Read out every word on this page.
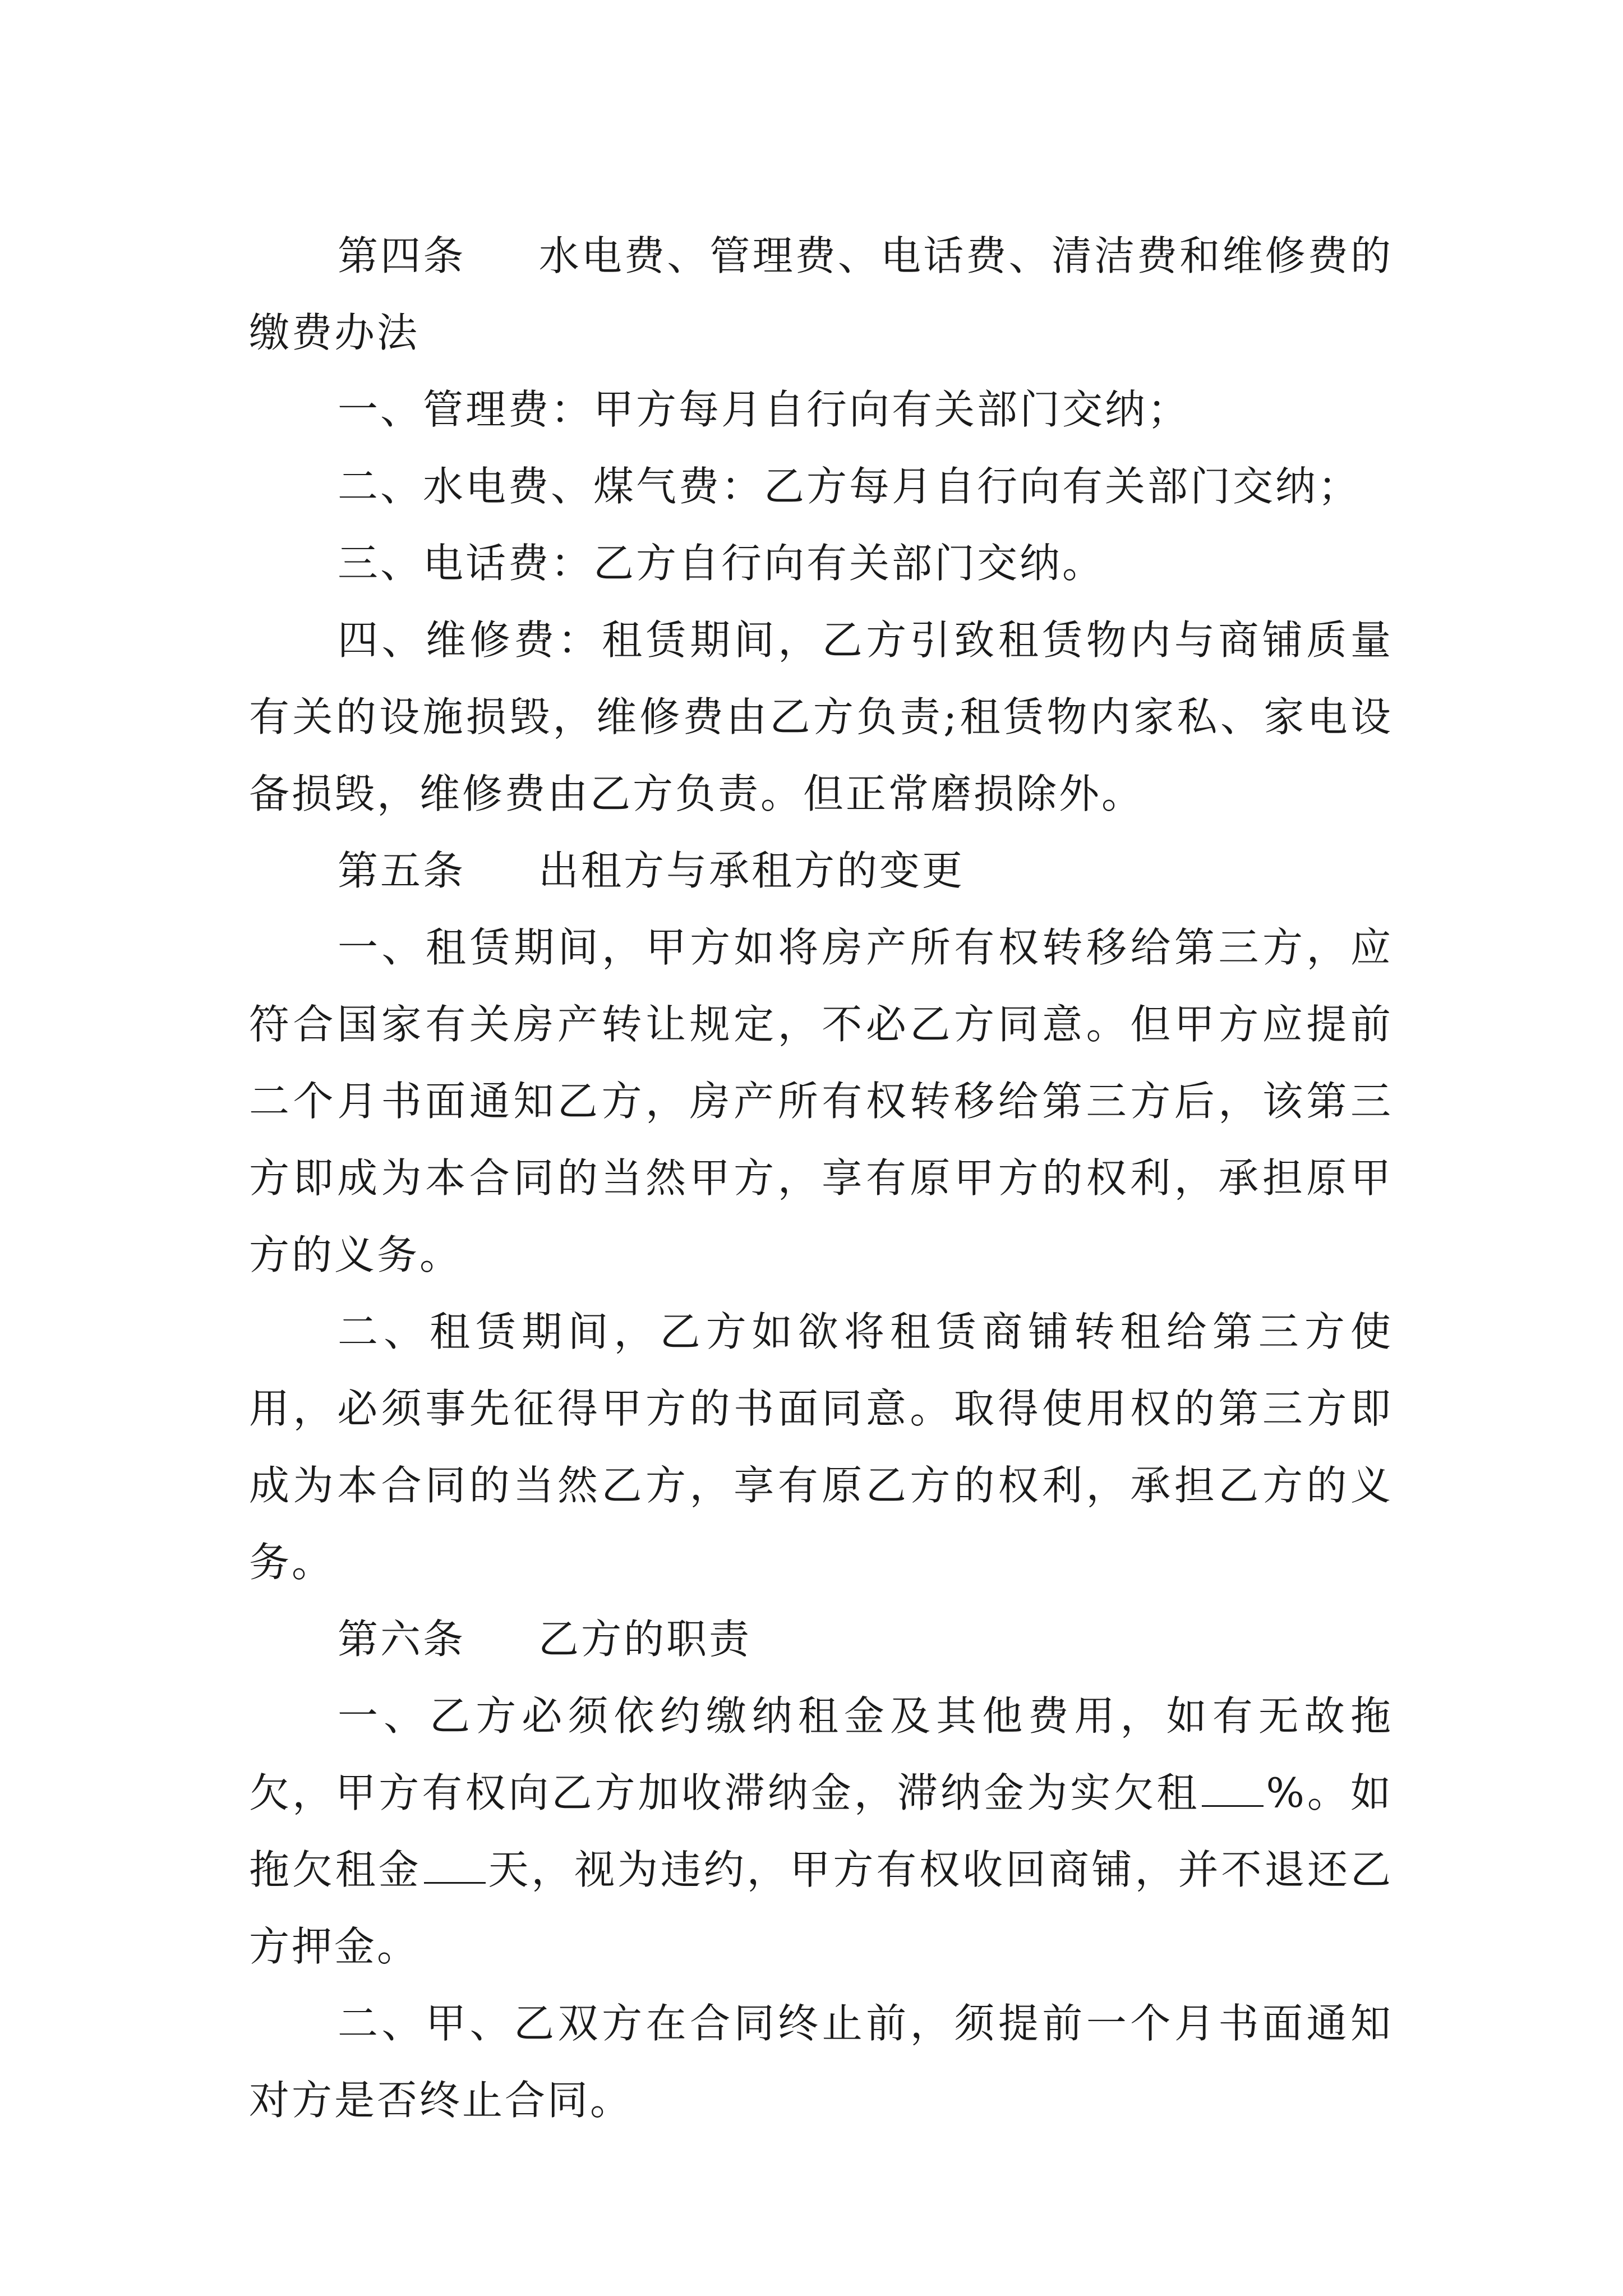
第四条 水电费、管理费、电话费、清洁费和维修费的缴费办法

一、管理费：甲方每月自行向有关部门交纳；

二、水电费、煤气费：乙方每月自行向有关部门交纳；

三、电话费：乙方自行向有关部门交纳。

四、维修费：租赁期间，乙方引致租赁物内与商铺质量有关的设施损毁，维修费由乙方负责;租赁物内家私、家电设备损毁，维修费由乙方负责。但正常磨损除外。

第五条 出租方与承租方的变更

一、租赁期间，甲方如将房产所有权转移给第三方，应符合国家有关房产转让规定，不必乙方同意。但甲方应提前二个月书面通知乙方，房产所有权转移给第三方后，该第三方即成为本合同的当然甲方，享有原甲方的权利，承担原甲方的义务。

二、租赁期间，乙方如欲将租赁商铺转租给第三方使用，必须事先征得甲方的书面同意。取得使用权的第三方即成为本合同的当然乙方，享有原乙方的权利，承担乙方的义务。

第六条 乙方的职责

一、乙方必须依约缴纳租金及其他费用，如有无故拖欠，甲方有权向乙方加收滞纳金，滞纳金为实欠租 %。如拖欠租金 天，视为违约，甲方有权收回商铺，并不退还乙方押金。

二、甲、乙双方在合同终止前，须提前一个月书面通知对方是否终止合同。
